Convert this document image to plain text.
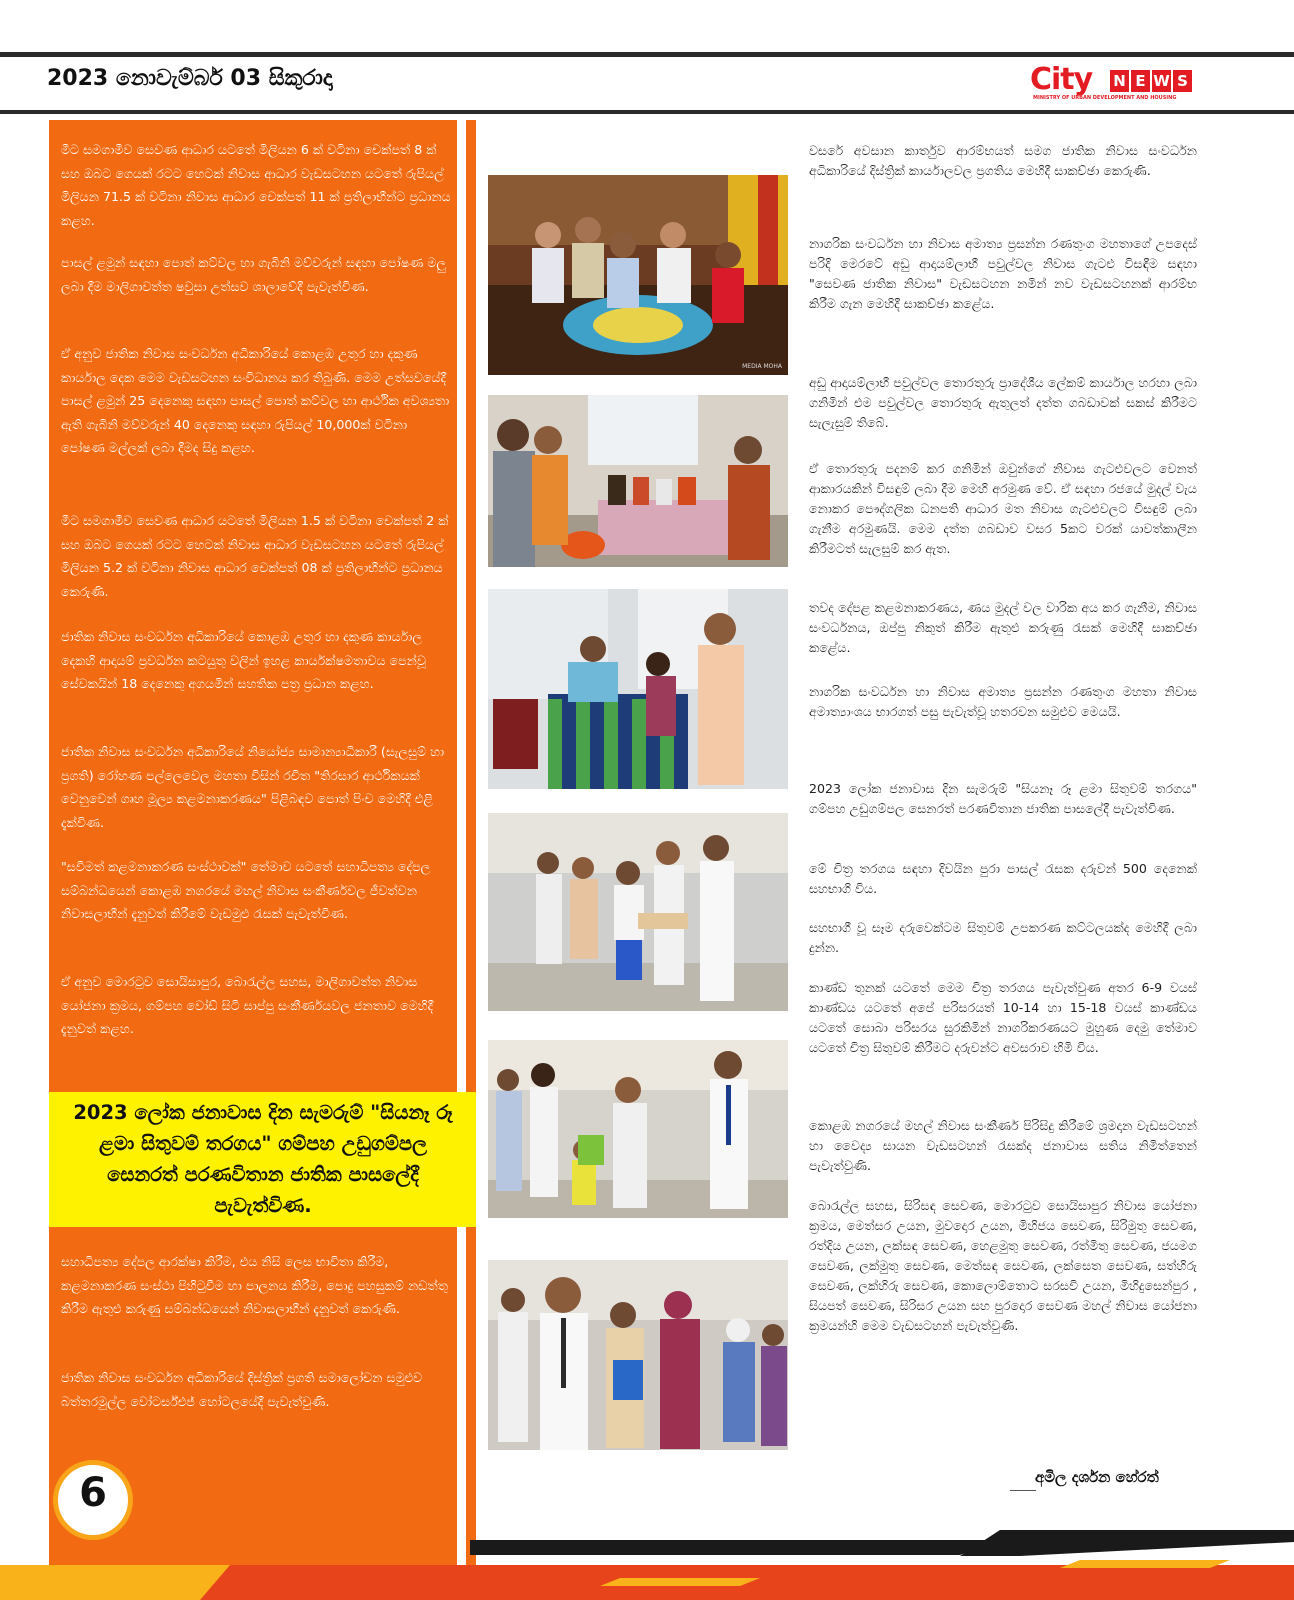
2023 නොවැම්බර් 03 සිකුරාදා	City N E W S
MINISTRY OF URBAN DEVELOPMENT AND HOUSING

මීට සමගාමීව සෙවණ ආධාර යටතේ මිලියන 6 ක් වටිනා චෙක්පත් 8 ක් සහ ඔබට ගෙයක් රටට හෙටක් නිවාස ආධාර වැඩසටහන යටතේ රුපියල් මිලියන 71.5 ක් වටිනා නිවාස ආධාර චෙක්පත් 11 ක් ප්‍රතිලාභීන්ට ප්‍රධානය කළහ.

පාසල් ළමුන් සඳහා පොත් කට්වල හා ගැබිනි මව්වරුන් සඳහා පෝෂණ මලු ලබා දීම මාලිගාවත්ත ෂවුසා උත්සව ශාලාවේදී පැවැත්විණ.

ඒ අනුව ජාතික නිවාස සංවර්ධන අධිකාරියේ කොළඹ උතුර හා දකුණ කාර්යාල දෙක මෙම වැඩසටහන සංවිධානය කර තිබුණි. මෙම උත්සවයේදී පාසල් ළමුන් 25 දෙනෙකු සඳහා පාසල් පොත් කට්වල හා ආර්ථික අවශ්‍යතා ඇති ගැබිනි මව්වරුන් 40 දෙනෙකු සඳහා රුපියල් 10,000ක් වටිනා පෝෂණ මල්ලක් ලබා දීමද සිදු කළහ.

මීට සමගාමීව සෙවණ ආධාර යටතේ මිලියන 1.5 ක් වටිනා චෙක්පත් 2 ක් සහ ඔබට ගෙයක් රටට හෙටක් නිවාස ආධාර වැඩසටහන යටතේ රුපියල් මිලියන 5.2 ක් වටිනා නිවාස ආධාර චෙක්පත් 08 ක් ප්‍රතිලාභීන්ට ප්‍රධානය කෙරුණි.

ජාතික නිවාස සංවර්ධන අධිකාරියේ කොළඹ උතුර හා දකුණ කාර්යාල දෙකහි ආදායම් ප්‍රවර්ධන කටයුතු වලින් ඉහළ කාර්යක්ෂමතාවය පෙන්වූ සේවකයින් 18 දෙනෙකු අගයමින් සහතික පත්‍ර ප්‍රධාන කළහ.

ජාතික නිවාස සංවර්ධන අධිකාරියේ නියෝජ්‍ය සාමාන්‍යාධිකාරී (සැලසුම් හා ප්‍රගති) රෝහණ පල්ලෙවෙල මහතා විසින් රචිත "තිරසාර ආර්ථිකයක් වෙනුවෙන් ගෘහ මූල්‍ය කළමනාකරණය" පිළිබඳව පොත් පිංච මෙහිදී එළි දැක්විණ.

"සවිමත් කළමනාකරණ සංස්ථාවක්" තේමාව යටතේ සහාධිපත්‍ය දේපල සම්බන්ධයෙන් කොළඹ නගරයේ මහල් නිවාස සංකීර්ණවල ජීවත්වන නිවාසලාභීන් දැනුවත් කිරීමේ වැඩමුළු රැසක් පැවැත්විණ.

ඒ අනුව මොරටුව සොයිසාපුර, බොරැල්ල සහස, මාලිගාවත්ත නිවාස යෝජනා ක්‍රමය, ගම්පහ වෝඩ් සිටි සාප්පු සංකීර්ණයවල ජනතාව මෙහිදී දැනුවත් කළහ.

2023 ලෝක ජනාවාස දින සැමරුම් "සියනෑ රූ ළමා සිතුවම් තරගය" ගම්පහ උඩුගම්පල සෙනරත් පරණවිතාන ජාතික පාසලේදී පැවැත්විණ.

සහාධිපත්‍ය දේපල ආරක්ෂා කිරීම, එය නිසි ලෙස භාවිතා කිරීම, කළමනාකරණ සංස්ථා පිහිටුවීම හා පාලනය කිරීම, පොදු පහසුකම් නඩත්තු කිරීම ඇතුළු කරුණු සම්බන්ධයෙන් නිවාසලාභීන් දැනුවත් කෙරුණි.

ජාතික නිවාස සංවර්ධන අධිකාරියේ දිස්ත්‍රික් ප්‍රගති සමාලෝචන සමුළුව බත්තරමුල්ල වෝටර්ස්එජ් හෝටලයේදී පැවැත්වුණි.

6
MEDIA MOHA

වසරේ අවසාන කාර්තුව ආරම්භයත් සමග ජාතික නිවාස සංවර්ධන අධිකාරියේ දිස්ත්‍රික් කාර්යාලවල ප්‍රගතිය මෙහිදී සාකච්ඡා කෙරුණි.

නාගරික සංවර්ධන හා නිවාස අමාත්‍ය ප්‍රසන්න රණතුංග මහතාගේ උපදෙස් පරිදි මෙරටේ අඩු ආදායම්ලාභී පවුල්වල නිවාස ගැටළු විසඳීම සඳහා "සෙවණ ජාතික නිවාස" වැඩසටහන නමින් නව වැඩසටහනක් ආරම්භ කිරීම ගැන මෙහිදී සාකච්ඡා කළේය.

අඩු ආදායම්ලාභී පවුල්වල තොරතුරු ප්‍රාදේශීය ලේකම් කාර්යාල හරහා ලබා ගනිමින් එම පවුල්වල තොරතුරු ඇතුලත් දත්ත ගබඩාවක් සකස් කිරීමට සැලැසුම් තිබේ.

ඒ තොරතුරු පදනම් කර ගනිමින් ඔවුන්ගේ නිවාස ගැටළුවලට වෙනත් ආකාරයකින් විසඳුම් ලබා දීම මෙහි අරමුණ වේ. ඒ සඳහා රජයේ මුදල් වැය නොකර පෞද්ගලික ධනපති ආධාර මත නිවාස ගැටළුවලට විසඳුම් ලබා ගැනීම අරමුණයි. මෙම දත්ත ගබඩාව වසර 5කට වරක් යාවත්කාලීන කිරීමටත් සැලසුම් කර ඇත.

තවද දේපළ කළමනාකරණය, ණය මුදල් වල වාරික අය කර ගැනීම, නිවාස සංවර්ධනය, ඔප්පු නිකුත් කිරීම ඇතුළු කරුණු රැසක් මෙහිදී සාකච්ඡා කළේය.

නාගරික සංවර්ධන හා නිවාස අමාත්‍ය ප්‍රසන්න රණතුංග මහතා නිවාස අමාත්‍යාංශය භාරගත් පසු පැවැත්වූ හතරවන සමුළුව මෙයයි.

2023 ලෝක ජනාවාස දින සැමරුම් "සියනෑ රූ ළමා සිතුවම් තරගය" ගම්පහ උඩුගම්පල සෙනරත් පරණවිතාන ජාතික පාසලේදී පැවැත්විණ.

මේ චිත්‍ර තරගය සඳහා දිවයින පුරා පාසල් රැසක දරුවන් 500 දෙනෙක් සහභාගි විය.

සහභාගී වූ සෑම දරුවෙක්ටම සිතුවම් උපකරණ කට්ටලයක්ද මෙහිදී ලබා දුන්න.

කාණ්ඩ තුනක් යටතේ මෙම චිත්‍ර තරගය පැවැත්වුණ අතර 6-9 වයස් කාණ්ඩය යටතේ අපේ පරිසරයත් 10-14 හා 15-18 වයස් කාණ්ඩය යටතේ සොබා පරිසරය සුරකිමින් නාගරිකරණයට මුහුණ දෙමු තේමාව යටතේ චිත්‍ර සිතුවම් කිරීමට දරුවන්ට අවසරාව හිමි විය.

කොළඹ නගරයේ මහල් නිවාස සංකීර්ණ පිරිසිදු කිරීමේ ශ්‍රමදාන වැඩසටහන් හා වෛද්‍ය සායන වැඩසටහන් රැසක්ද ජනාවාස සතිය නිමිත්තෙන් පැවැත්වුණි.

බොරැල්ල සහස, සිරිසඳ සෙවණ, මොරටුව සොයිසාපුර නිවාස යෝජනා ක්‍රමය, මෙත්සර උයන, මුවදොර උයන, මිහිජය සෙවණ, සිරිමුතු සෙවණ, රත්දිය උයන, ලක්සඳ සෙවණ, හෙළමුතු සෙවණ, රත්මිතු සෙවණ, ජයමග සෙවණ, ලක්මුතු සෙවණ, මෙත්සඳ සෙවණ, ලක්සෙත සෙවණ, සත්හිරු සෙවණ, ලක්හිරු සෙවණ, කොලොම්තොට සරසවි උයන, මිහිදුසෙන්පුර , සියපත් සෙවණ, සිරිසර උයන සහ පුරදොර සෙවණ මහල් නිවාස යෝජනා ක්‍රමයන්හි මෙම වැඩසටහන් පැවැත්වුණි.

අමිල දර්ශන හේරත්
